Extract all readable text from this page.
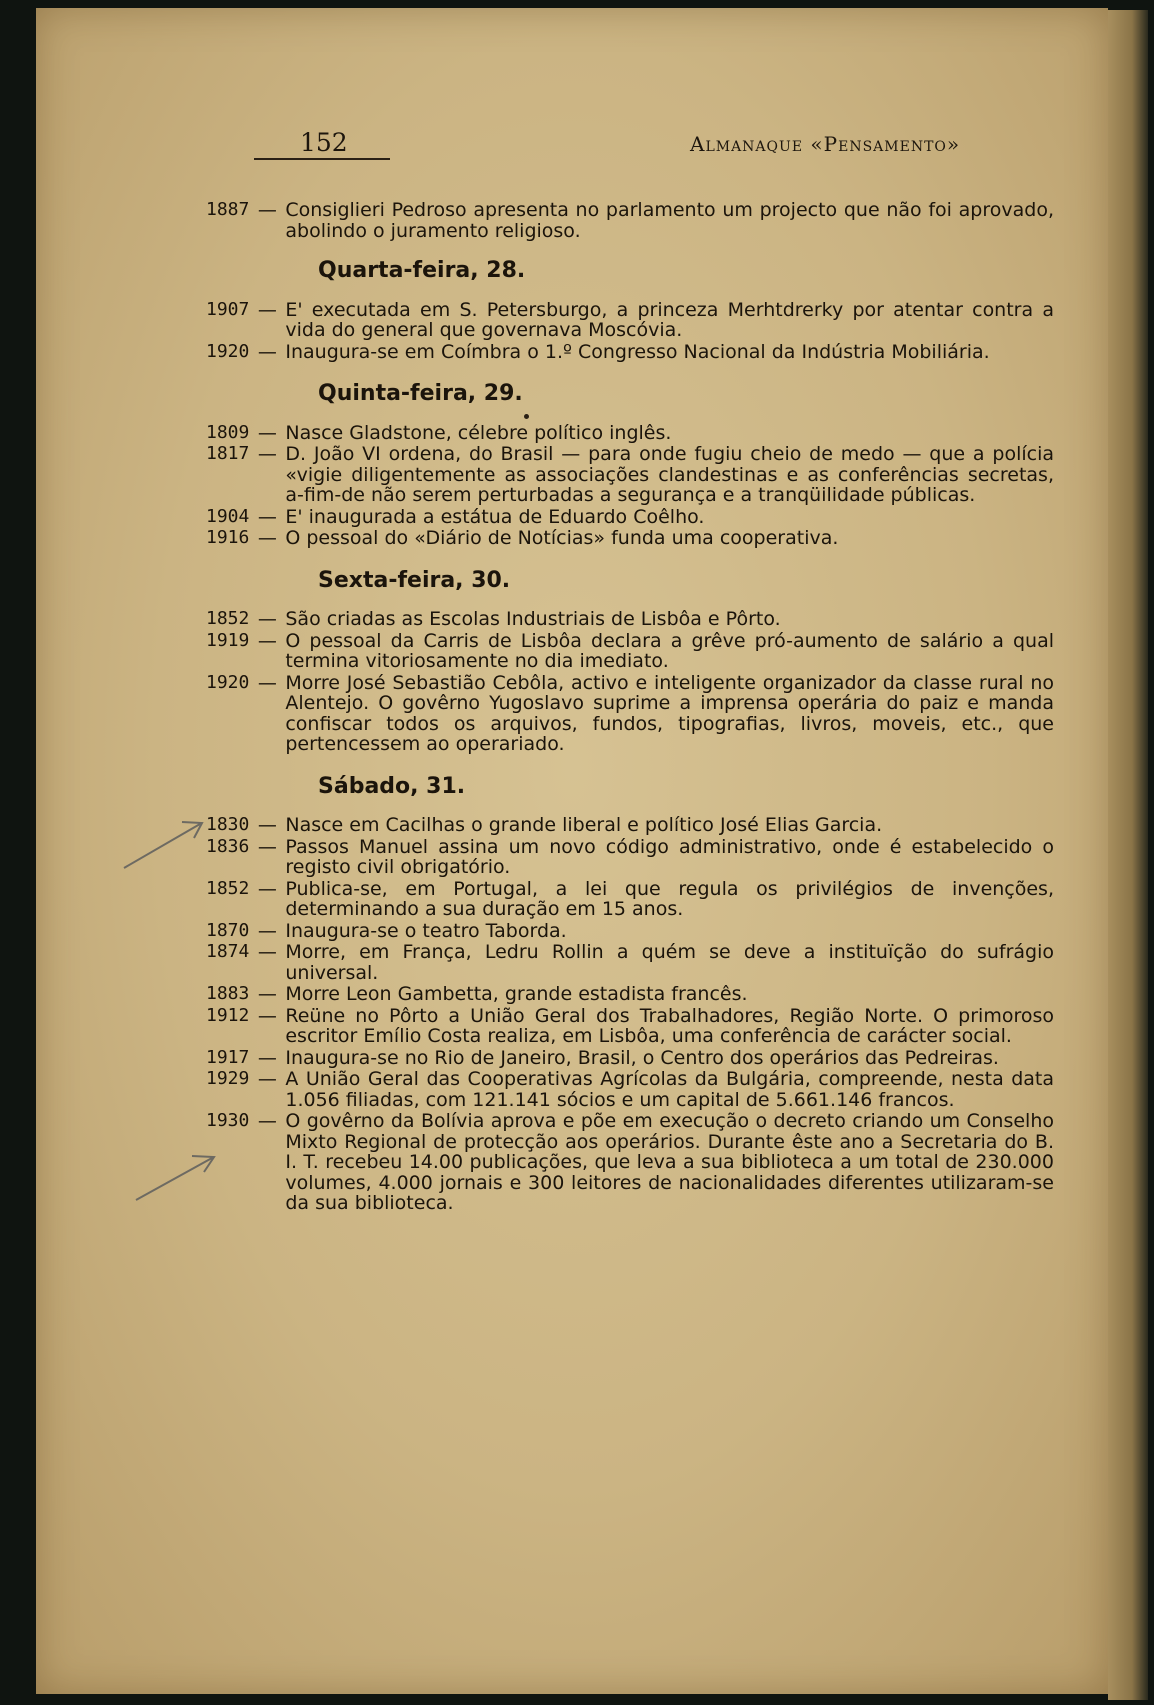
152	Almanaque «Pensamento»
1887 — Consiglieri Pedroso apresenta no parlamento um projecto que não foi aprovado, abolindo o juramento religioso.
Quarta-feira, 28.
1907 — E' executada em S. Petersburgo, a princeza Merhtdrerky por atentar contra a vida do general que governava Moscóvia.
1920 — Inaugura-se em Coímbra o 1.º Congresso Nacional da Indústria Mobiliária.
Quinta-feira, 29.
1809 — Nasce Gladstone, célebre político inglês.
1817 — D. João VI ordena, do Brasil — para onde fugiu cheio de medo — que a polícia «vigie diligentemente as associações clandestinas e as conferências secretas, a-fim-de não serem perturbadas a segurança e a tranqüilidade públicas.
1904 — E' inaugurada a estátua de Eduardo Coêlho.
1916 — O pessoal do «Diário de Notícias» funda uma cooperativa.
Sexta-feira, 30.
1852 — São criadas as Escolas Industriais de Lisbôa e Pôrto.
1919 — O pessoal da Carris de Lisbôa declara a grêve pró-aumento de salário a qual termina vitoriosamente no dia imediato.
1920 — Morre José Sebastião Cebôla, activo e inteligente organizador da classe rural no Alentejo. O govêrno Yugoslavo suprime a imprensa operária do paiz e manda confiscar todos os arquivos, fundos, tipografias, livros, moveis, etc., que pertencessem ao operariado.
Sábado, 31.
1830 — Nasce em Cacilhas o grande liberal e político José Elias Garcia.
1836 — Passos Manuel assina um novo código administrativo, onde é estabelecido o registo civil obrigatório.
1852 — Publica-se, em Portugal, a lei que regula os privilégios de invenções, determinando a sua duração em 15 anos.
1870 — Inaugura-se o teatro Taborda.
1874 — Morre, em França, Ledru Rollin a quém se deve a instituïção do sufrágio universal.
1883 — Morre Leon Gambetta, grande estadista francês.
1912 — Reüne no Pôrto a União Geral dos Trabalhadores, Região Norte. O primoroso escritor Emílio Costa realiza, em Lisbôa, uma conferência de carácter social.
1917 — Inaugura-se no Rio de Janeiro, Brasil, o Centro dos operários das Pedreiras.
1929 — A União Geral das Cooperativas Agrícolas da Bulgária, compreende, nesta data 1.056 filiadas, com 121.141 sócios e um capital de 5.661.146 francos.
1930 — O govêrno da Bolívia aprova e põe em execução o decreto criando um Conselho Mixto Regional de protecção aos operários. Durante êste ano a Secretaria do B. I. T. recebeu 14.00 publicações, que leva a sua biblioteca a um total de 230.000 volumes, 4.000 jornais e 300 leitores de nacionalidades diferentes utilizaram-se da sua biblioteca.
